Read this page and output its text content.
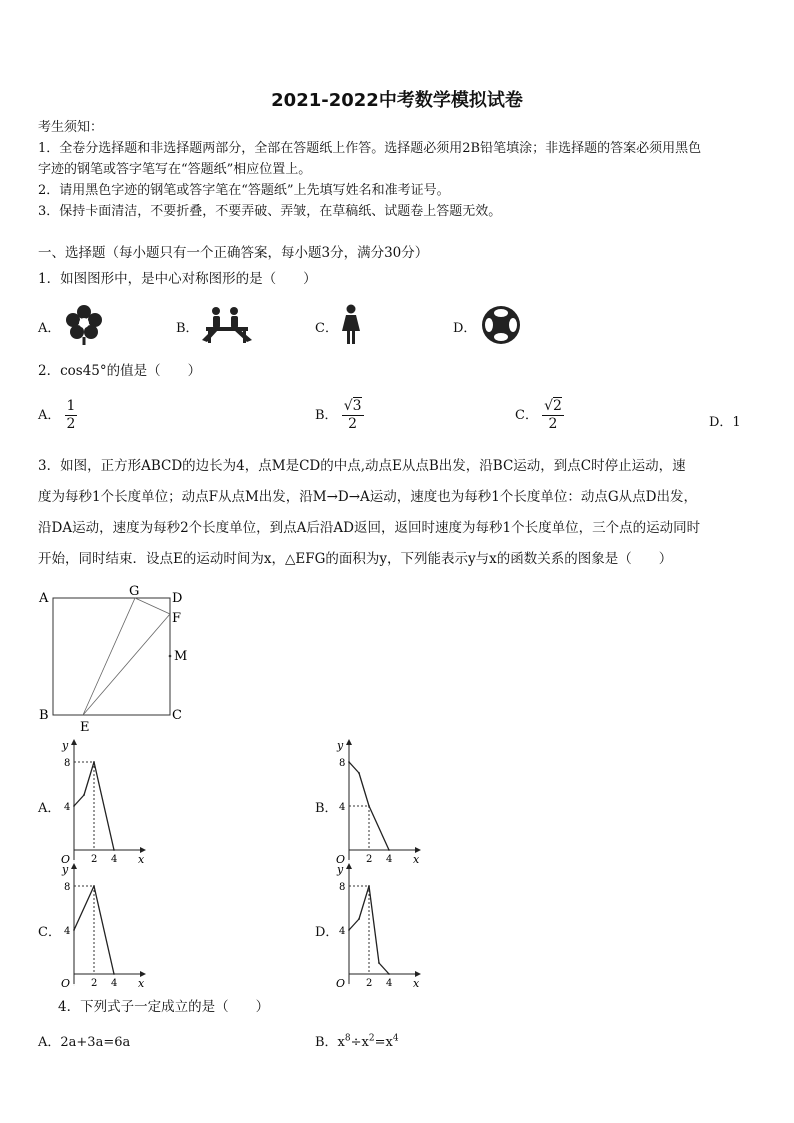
2021-2022中考数学模拟试卷
考生须知：
1．全卷分选择题和非选择题两部分，全部在答题纸上作答。选择题必须用2B铅笔填涂；非选择题的答案必须用黑色
字迹的钢笔或答字笔写在“答题纸”相应位置上。
2．请用黑色字迹的钢笔或答字笔在“答题纸”上先填写姓名和准考证号。
3．保持卡面清洁，不要折叠，不要弄破、弄皱，在草稿纸、试题卷上答题无效。
一、选择题（每小题只有一个正确答案，每小题3分，满分30分）
1．如图图形中，是中心对称图形的是（　　）
A．	B．	C．	D．
2．cos45°的值是（　　）
A． $\frac{1}{2}$	B． $\frac{√3}{2}$	C． $\frac{√2}{2}$	D．1
3．如图，正方形ABCD的边长为4，点M是CD的中点,动点E从点B出发，沿BC运动，到点C时停止运动，速
度为每秒1个长度单位；动点F从点M出发，沿M→D→A运动，速度也为每秒1个长度单位：动点G从点D出发，
沿DA运动，速度为每秒2个长度单位，到点A后沿AD返回，返回时速度为每秒1个长度单位，三个点的运动同时
开始，同时结束．设点E的运动时间为x，△EFG的面积为y，下列能表示y与x的函数关系的图象是（　　）
A	G	D
F
M
B
E
C
A．	B．
C．	D．
y
x
O
8
4
2 4
y
x
O
8
4
2 4
y
x
O
8
4
2 4
y
x
O
8
4
2 4
4．下列式子一定成立的是（　　）
A．2a+3a=6a	B．$x^8\div x^2=x^4$
